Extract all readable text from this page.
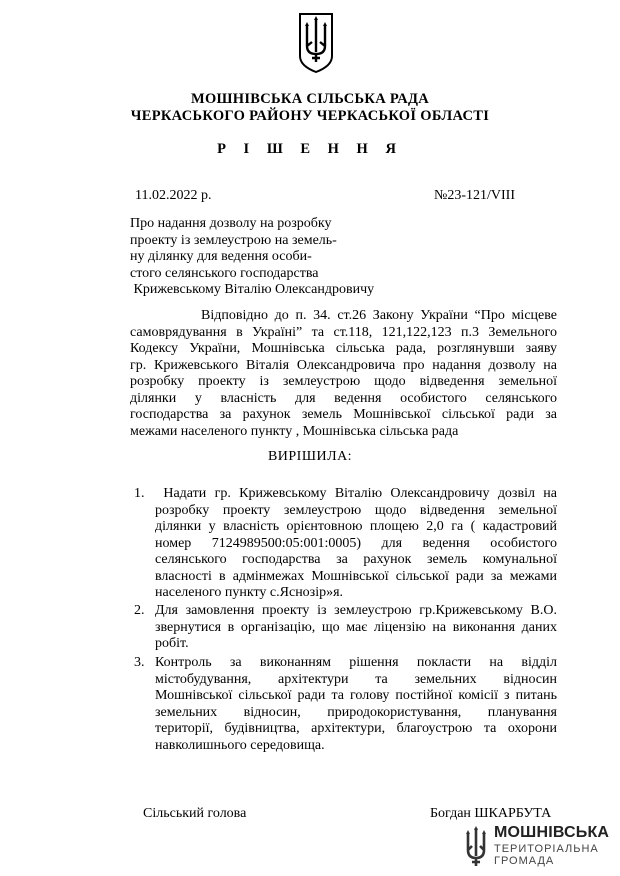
МОШНІВСЬКА СІЛЬСЬКА РАДА
ЧЕРКАСЬКОГО РАЙОНУ ЧЕРКАСЬКОЇ ОБЛАСТІ
Р І Ш Е Н Н Я
11.02.2022 р.	№23-121/VIII
Про надання дозволу на розробку
проекту із землеустрою на земель-
ну ділянку для ведення особи-
стого селянського господарства
Крижевському Віталію Олександровичу
Відповідно до п. 34. ст.26 Закону України “Про місцеве
самоврядування в Україні” та ст.118, 121,122,123 п.3 Земельного
Кодексу України, Мошнівська сільська рада, розглянувши заяву
гр. Крижевського Віталія Олександровича про надання дозволу на
розробку проекту із землеустрою щодо відведення земельної
ділянки у власність для ведення особистого селянського
господарства за рахунок земель Мошнівської сільської ради за
межами населеного пункту , Мошнівська сільська рада
ВИРІШИЛА:
1. Надати гр. Крижевському Віталію Олександровичу дозвіл на
розробку проекту землеустрою щодо відведення земельної
ділянки у власність орієнтовною площею 2,0 га ( кадастровий
номер 7124989500:05:001:0005) для ведення особистого
селянського господарства за рахунок земель комунальної
власності в адмінмежах Мошнівської сільської ради за межами
населеного пункту с.Яснозір»я.
2. Для замовлення проекту із землеустрою гр.Крижевському В.О.
звернутися в організацію, що має ліцензію на виконання даних
робіт.
3. Контроль за виконанням рішення покласти на відділ
містобудування, архітектури та земельних відносин
Мошнівської сільської ради та голову постійної комісії з питань
земельних відносин, природокористування, планування
території, будівництва, архітектури, благоустрою та охорони
навколишнього середовища.
Сільський голова	Богдан ШКАРБУТА
МОШНІВСЬКА
ТЕРИТОРІАЛЬНА
ГРОМАДА
